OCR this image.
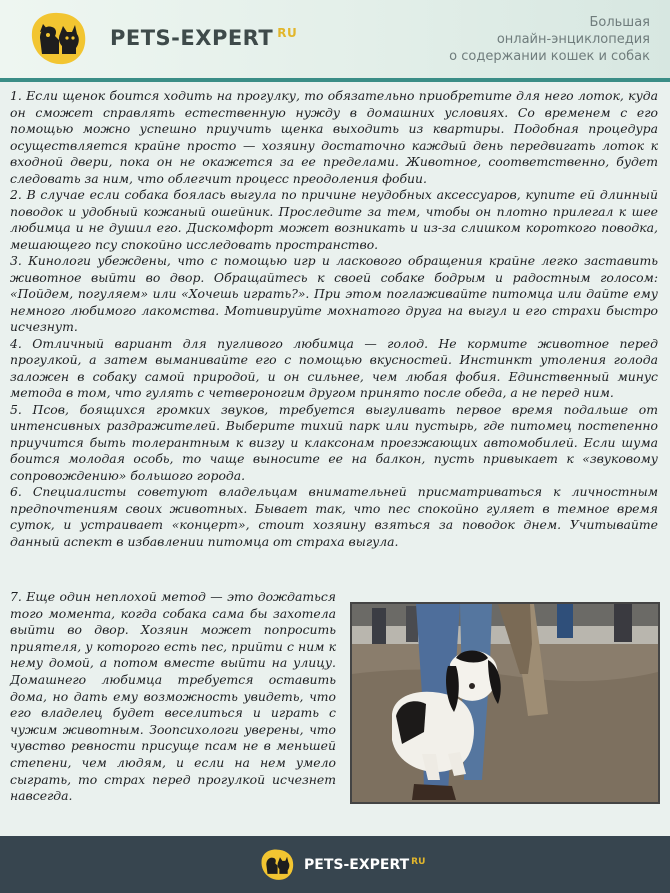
PETS-EXPERT $^{RU}$
Большая
онлайн-энциклопедия
о содержании кошек и собак

1. Если щенок боится ходить на прогулку, то обязательно приобретите для него лоток, куда он сможет справлять естественную нужду в домашних условиях. Со временем с его помощью можно успешно приучить щенка выходить из квартиры. Подобная процедура осуществляется крайне просто — хозяину достаточно каждый день передвигать лоток к входной двери, пока он не окажется за ее пределами. Животное, соответственно, будет следовать за ним, что облегчит процесс преодоления фобии.

2. В случае если собака боялась выгула по причине неудобных аксессуаров, купите ей длинный поводок и удобный кожаный ошейник. Проследите за тем, чтобы он плотно прилегал к шее любимца и не душил его. Дискомфорт может возникать и из-за слишком короткого поводка, мешающего псу спокойно исследовать пространство.

3. Кинологи убеждены, что с помощью игр и ласкового обращения крайне легко заставить животное выйти во двор. Обращайтесь к своей собаке бодрым и радостным голосом: «Пойдем, погуляем» или «Хочешь играть?». При этом поглаживайте питомца или дайте ему немного любимого лакомства. Мотивируйте мохнатого друга на выгул и его страхи быстро исчезнут.

4. Отличный вариант для пугливого любимца — голод. Не кормите животное перед прогулкой, а затем выманивайте его с помощью вкусностей. Инстинкт утоления голода заложен в собаку самой природой, и он сильнее, чем любая фобия. Единственный минус метода в том, что гулять с четвероногим другом принято после обеда, а не перед ним.

5. Псов, боящихся громких звуков, требуется выгуливать первое время подальше от интенсивных раздражителей. Выберите тихий парк или пустырь, где питомец постепенно приучится быть толерантным к визгу и клаксонам проезжающих автомобилей. Если шума боится молодая особь, то чаще выносите ее на балкон, пусть привыкает к «звуковому сопровождению» большого города.

6. Специалисты советуют владельцам внимательней присматриваться к личностным предпочтениям своих животных. Бывает так, что пес спокойно гуляет в темное время суток, и устраивает «концерт», стоит хозяину взяться за поводок днем. Учитывайте данный аспект в избавлении питомца от страха выгула.

7. Еще один неплохой метод — это дождаться того момента, когда собака сама бы захотела выйти во двор. Хозяин может попросить приятеля, у которого есть пес, прийти с ним к нему домой, а потом вместе выйти на улицу. Домашнего любимца требуется оставить дома, но дать ему возможность увидеть, что его владелец будет веселиться и играть с чужим животным. Зоопсихологи уверены, что чувство ревности присуще псам не в меньшей степени, чем людям, и если на нем умело сыграть, то страх перед прогулкой исчезнет навсегда.

PETS-EXPERT $^{RU}$
